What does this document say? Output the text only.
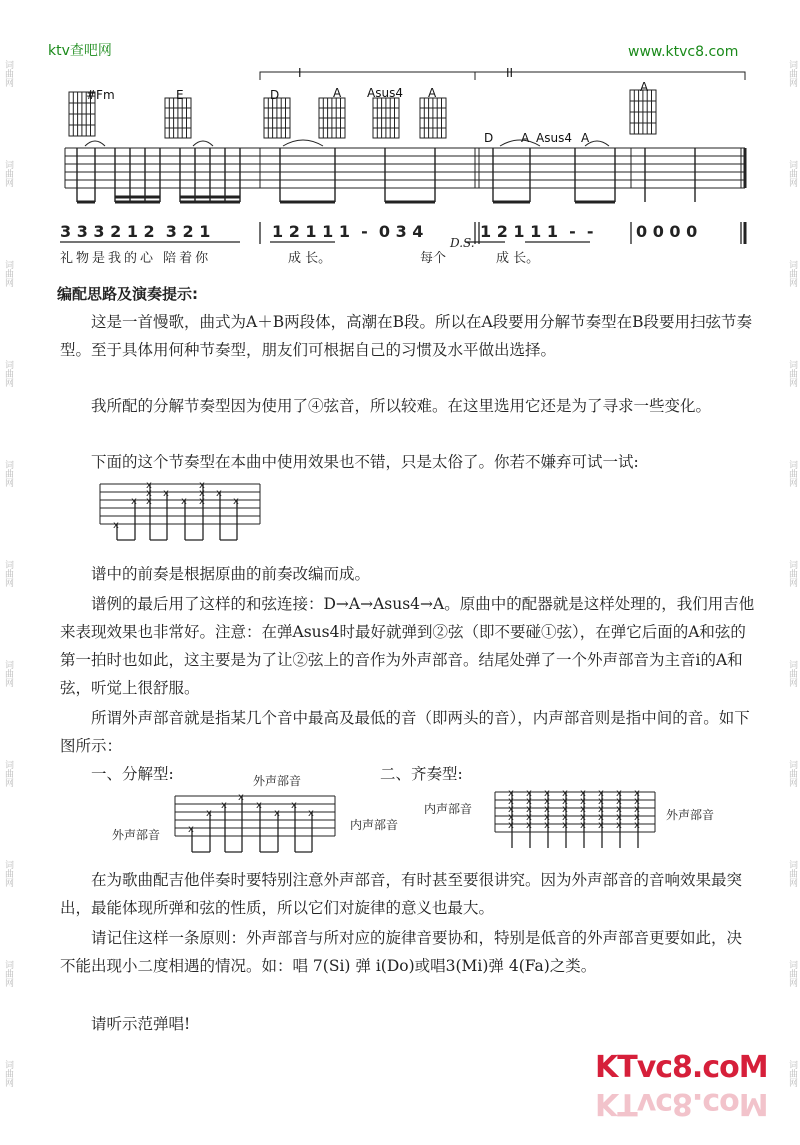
词曲网
词曲网
词曲网
词曲网
词曲网
词曲网
词曲网
词曲网
词曲网
词曲网
词曲网
词曲网
词曲网
词曲网
词曲网
词曲网
词曲网
词曲网
词曲网
词曲网
词曲网
词曲网
ktv查吧网	www.ktvc8.com
#Fm	E	D	A Asus4 A	A
D A Asus4 A
I	II
3 3 3 2 1 2  3 2 1	1 2 1 1 1  -  0 3 4	1 2 1 1 1  -  -	0 0 0 0
D.S.
礼物是我的心 陪着你	成 长。	每个	成 长。
编配思路及演奏提示:
这是一首慢歌，曲式为A＋B两段体，高潮在B段。所以在A段要用分解节奏型在B段要用扫弦节奏型。至于具体用何种节奏型，朋友们可根据自己的习惯及水平做出选择。
我所配的分解节奏型因为使用了④弦音，所以较难。在这里选用它还是为了寻求一些变化。
下面的这个节奏型在本曲中使用效果也不错，只是太俗了。你若不嫌弃可试一试:
x
x
x
x
x
x
x
x
x
x
x
x
谱中的前奏是根据原曲的前奏改编而成。
谱例的最后用了这样的和弦连接：D→A→Asus4→A。原曲中的配器就是这样处理的，我们用吉他来表现效果也非常好。注意：在弹Asus4时最好就弹到②弦（即不要碰①弦），在弹它后面的A和弦的第一拍时也如此，这主要是为了让②弦上的音作为外声部音。结尾处弹了一个外声部音为主音i的A和弦，听觉上很舒服。
所谓外声部音就是指某几个音中最高及最低的音（即两头的音），内声部音则是指中间的音。如下图所示：
一、分解型:	二、齐奏型:
x
x
x
x
x
x
x
x
外声部音
内声部音
外声部音
x
x
x
x
x
x
x
x
x
x
x
x
x
x
x
x
x
x
x
x
x
x
x
x
x
x
x
x
x
x
x
x
x
x
x
x
x
x
x
x
内声部音	外声部音
在为歌曲配吉他伴奏时要特别注意外声部音，有时甚至要很讲究。因为外声部音的音响效果最突出，最能体现所弹和弦的性质，所以它们对旋律的意义也最大。
请记住这样一条原则：外声部音与所对应的旋律音要协和，特别是低音的外声部音更要如此，决不能出现小二度相遇的情况。如：唱 7(Si) 弹 i(Do)或唱3(Mi)弹 4(Fa)之类。
请听示范弹唱!
KTvc8.coM
KTvc8.coM
